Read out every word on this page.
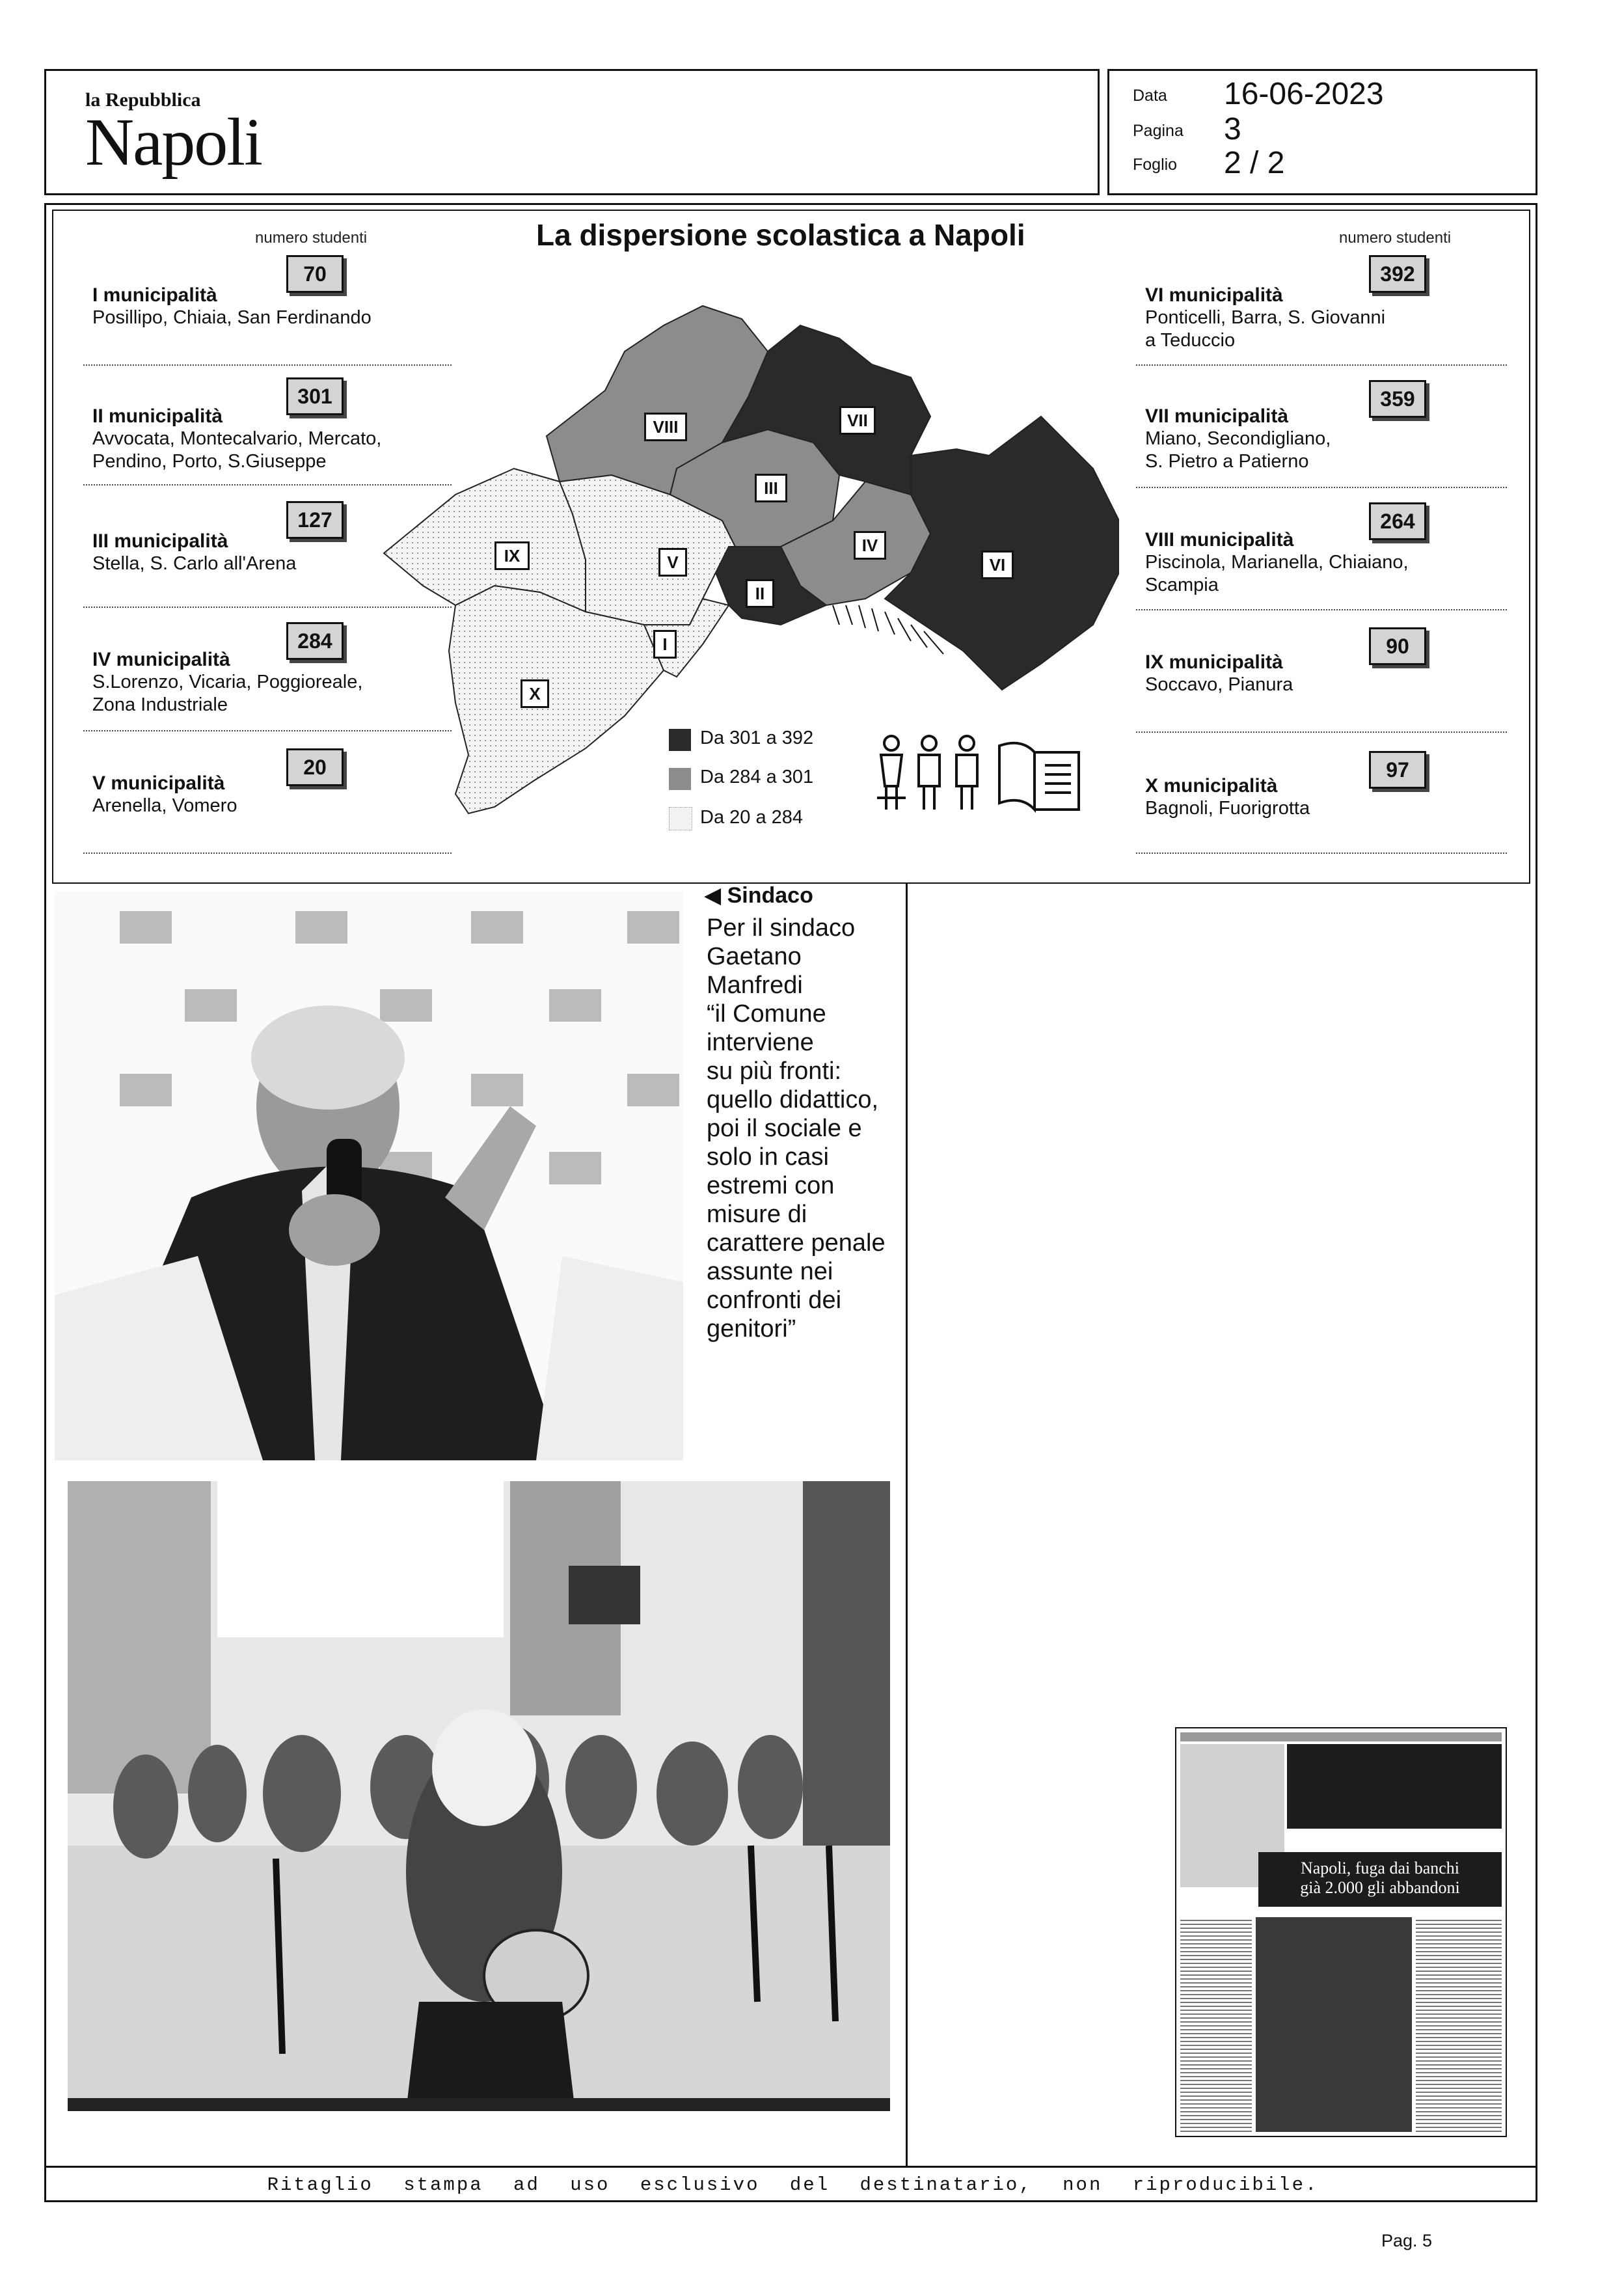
la Repubblica
Napoli
Data 16-06-2023
Pagina 3
Foglio 2 / 2
La dispersione scolastica a Napoli
numero studenti	numero studenti
70
I municipalità
Posillipo, Chiaia, San Ferdinando
301
II municipalità
Avvocata, Montecalvario, Mercato,
Pendino, Porto, S.Giuseppe
127
III municipalità
Stella, S. Carlo all'Arena
284
IV municipalità
S.Lorenzo, Vicaria, Poggioreale,
Zona Industriale
20
V municipalità
Arenella, Vomero
392
VI municipalità
Ponticelli, Barra, S. Giovanni
a Teduccio
359
VII municipalità
Miano, Secondigliano,
S. Pietro a Patierno
264
VIII municipalità
Piscinola, Marianella, Chiaiano,
Scampia
90
IX municipalità
Soccavo, Pianura
97
X municipalità
Bagnoli, Fuorigrotta
I
II
III
IV
V	VI
VII
VIII
IX
X
Da 301 a 392
Da 284 a 301
Da 20 a 284
◀ Sindaco
Per il sindaco
Gaetano
Manfredi
“il Comune
interviene
su più fronti:
quello didattico,
poi il sociale e
solo in casi
estremi con
misure di
carattere penale
assunte nei
confronti dei
genitori”
Napoli, fuga dai banchi
già 2.000 gli abbandoni
Ritaglio stampa ad uso esclusivo del destinatario, non riproducibile.
Pag. 5
